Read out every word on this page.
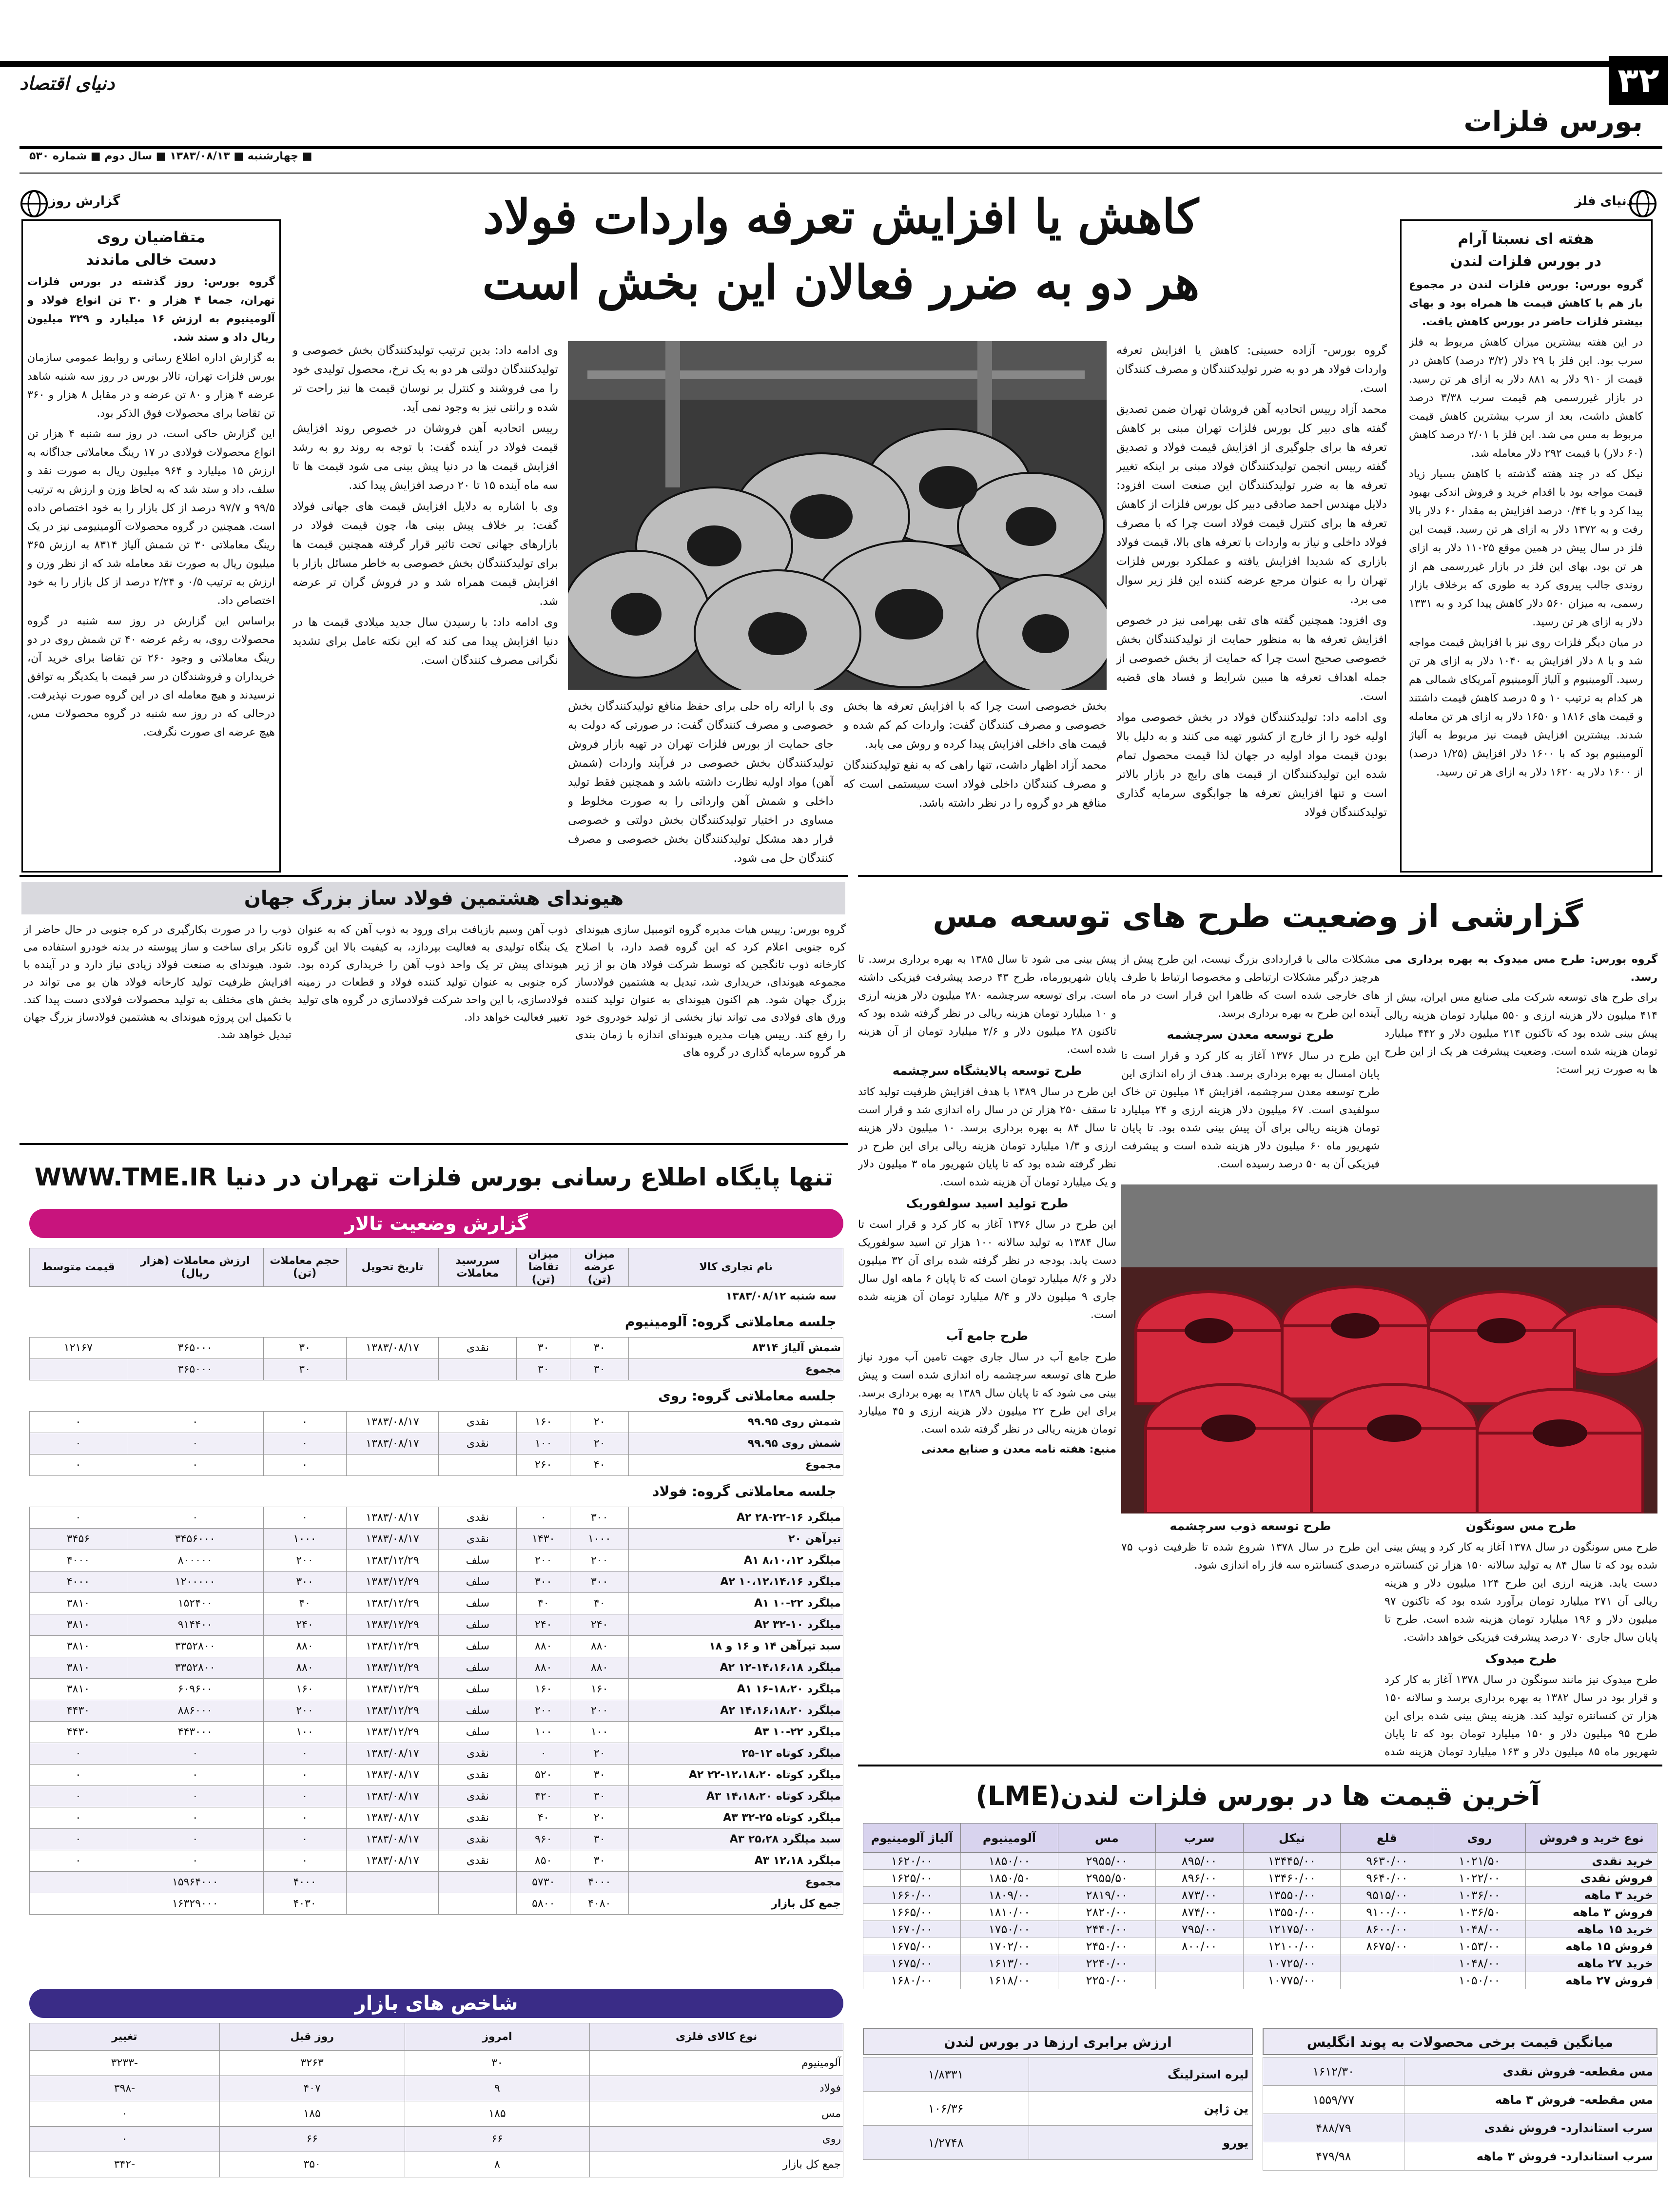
۳۲
دنیای اقتصاد
بورس فلزات
■ چهارشنبه ■ ۱۳۸۳/۰۸/۱۳ ■ سال دوم ■ شماره ۵۳۰
دنیای فلز
هفته ای نسبتا آرام
در بورس فلزات لندن

گروه بورس: بورس فلزات لندن در مجموع باز هم با کاهش قیمت ها همراه بود و بهای بیشتر فلزات حاضر در بورس کاهش یافت.

در این هفته بیشترین میزان کاهش مربوط به فلز سرب بود. این فلز با ۲۹ دلار (۳/۲ درصد) کاهش در قیمت از ۹۱۰ دلار به ۸۸۱ دلار به ازای هر تن رسید. در بازار غیررسمی هم قیمت سرب ۳/۳۸ درصد کاهش داشت، بعد از سرب بیشترین کاهش قیمت مربوط به مس می شد. این فلز با ۲/۰۱ درصد کاهش (۶۰ دلار) با قیمت ۲۹۲ دلار معامله شد.

نیکل که در چند هفته گذشته با کاهش بسیار زیاد قیمت مواجه بود با اقدام خرید و فروش اندکی بهبود پیدا کرد و با ۰/۴۴ درصد افزایش به مقدار ۶۰ دلار بالا رفت و به ۱۳۷۲ دلار به ازای هر تن رسید. قیمت این فلز در سال پیش در همین موقع ۱۱۰۲۵ دلار به ازای هر تن بود. بهای این فلز در بازار غیررسمی هم از روندی جالب پیروی کرد به طوری که برخلاف بازار رسمی، به میزان ۵۶۰ دلار کاهش پیدا کرد و به ۱۳۳۱ دلار به ازای هر تن رسید.

در میان دیگر فلزات روی نیز با افزایش قیمت مواجه شد و با ۸ دلار افزایش به ۱۰۴۰ دلار به ازای هر تن رسید. آلومینیوم و آلیاژ آلومینیوم آمریکای شمالی هم هر کدام به ترتیب ۱۰ و ۵ درصد کاهش قیمت داشتند و قیمت های ۱۸۱۶ و ۱۶۵۰ دلار به ازای هر تن معامله شدند. بیشترین افزایش قیمت نیز مربوط به آلیاژ آلومینیوم بود که با ۱۶۰۰ دلار افزایش (۱/۲۵ درصد) از ۱۶۰۰ دلار به ۱۶۲۰ دلار به ازای هر تن رسید.

گزارش روز
متقاضیان روی
دست خالی ماندند

گروه بورس: روز گذشته در بورس فلزات تهران، جمعا ۴ هزار و ۳۰ تن انواع فولاد و آلومینیوم به ارزش ۱۶ میلیارد و ۳۲۹ میلیون ریال داد و ستد شد.

به گزارش اداره اطلاع رسانی و روابط عمومی سازمان بورس فلزات تهران، تالار بورس در روز سه شنبه شاهد عرضه ۴ هزار و ۸۰ تن عرضه و در مقابل ۸ هزار و ۳۶۰ تن تقاضا برای محصولات فوق الذکر بود.

این گزارش حاکی است، در روز سه شنبه ۴ هزار تن انواع محصولات فولادی در ۱۷ رینگ معاملاتی جداگانه به ارزش ۱۵ میلیارد و ۹۶۴ میلیون ریال به صورت نقد و سلف، داد و ستد شد که به لحاظ وزن و ارزش به ترتیب ۹۹/۵ و ۹۷/۷ درصد از کل بازار را به خود اختصاص داده است. همچنین در گروه محصولات آلومینیومی نیز در یک رینگ معاملاتی ۳۰ تن شمش آلیاژ ۸۳۱۴ به ارزش ۳۶۵ میلیون ریال به صورت نقد معامله شد که از نظر وزن و ارزش به ترتیب ۰/۵ و ۲/۲۴ درصد از کل بازار را به خود اختصاص داد.

براساس این گزارش در روز سه شنبه در گروه محصولات روی، به رغم عرضه ۴۰ تن شمش روی در دو رینگ معاملاتی و وجود ۲۶۰ تن تقاضا برای خرید آن، خریداران و فروشندگان در سر قیمت با یکدیگر به توافق نرسیدند و هیچ معامله ای در این گروه صورت نپذیرفت. درحالی که در روز سه شنبه در گروه محصولات مس، هیچ عرضه ای صورت نگرفت.

کاهش یا افزایش تعرفه واردات فولاد
هر دو به ضرر فعالان این بخش است

گروه بورس- آزاده حسینی: کاهش یا افزایش تعرفه واردات فولاد هر دو به ضرر تولیدکنندگان و مصرف کنندگان است.

محمد آزاد رییس اتحادیه آهن فروشان تهران ضمن تصدیق گفته های دبیر کل بورس فلزات تهران مبنی بر کاهش تعرفه ها برای جلوگیری از افزایش قیمت فولاد و تصدیق گفته رییس انجمن تولیدکنندگان فولاد مبنی بر اینکه تغییر تعرفه ها به ضرر تولیدکنندگان این صنعت است افزود: دلایل مهندس احمد صادقی دبیر کل بورس فلزات از کاهش تعرفه ها برای کنترل قیمت فولاد است چرا که با مصرف فولاد داخلی و نیاز به واردات با تعرفه های بالا، قیمت فولاد بازاری که شدیدا افزایش یافته و عملکرد بورس فلزات تهران را به عنوان مرجع عرضه کننده این فلز زیر سوال می برد.

وی افزود: همچنین گفته های تقی بهرامی نیز در خصوص افزایش تعرفه ها به منظور حمایت از تولیدکنندگان بخش خصوصی صحیح است چرا که حمایت از بخش خصوصی از جمله اهداف تعرفه ها مبین شرایط و فساد های قضیه است.

وی ادامه داد: تولیدکنندگان فولاد در بخش خصوصی مواد اولیه خود را از خارج از کشور تهیه می کنند و به دلیل بالا بودن قیمت مواد اولیه در جهان لذا قیمت محصول تمام شده این تولیدکنندگان از قیمت های رایج در بازار بالاتر است و تنها افزایش تعرفه ها جوابگوی سرمایه گذاری تولیدکنندگان فولاد

وی ادامه داد: بدین ترتیب تولیدکنندگان بخش خصوصی و تولیدکنندگان دولتی هر دو به یک نرخ، محصول تولیدی خود را می فروشند و کنترل بر نوسان قیمت ها نیز راحت تر شده و رانتی نیز به وجود نمی آید.

رییس اتحادیه آهن فروشان در خصوص روند افزایش قیمت فولاد در آینده گفت: با توجه به روند رو به رشد افزایش قیمت ها در دنیا پیش بینی می شود قیمت ها تا سه ماه آینده ۱۵ تا ۲۰ درصد افزایش پیدا کند.

وی با اشاره به دلایل افزایش قیمت های جهانی فولاد گفت: بر خلاف پیش بینی ها، چون قیمت فولاد در بازارهای جهانی تحت تاثیر قرار گرفته همچنین قیمت ها برای تولیدکنندگان بخش خصوصی به خاطر مسائل بازار با افزایش قیمت همراه شد و در فروش گران تر عرضه شد.

وی ادامه داد: با رسیدن سال جدید میلادی قیمت ها در دنیا افزایش پیدا می کند که این نکته عامل برای تشدید نگرانی مصرف کنندگان است.

بخش خصوصی است چرا که با افزایش تعرفه ها بخش خصوصی و مصرف کنندگان گفت: واردات کم کم شده و قیمت های داخلی افزایش پیدا کرده و روش می یابد.

محمد آزاد اظهار داشت، تنها راهی که به نفع تولیدکنندگان و مصرف کنندگان داخلی فولاد است سیستمی است که منافع هر دو گروه را در نظر داشته باشد.

وی با ارائه راه حلی برای حفظ منافع تولیدکنندگان بخش خصوصی و مصرف کنندگان گفت: در صورتی که دولت به جای حمایت از بورس فلزات تهران در تهیه بازار فروش تولیدکنندگان بخش خصوصی در فرآیند واردات (شمش آهن) مواد اولیه نظارت داشته باشد و همچنین فقط تولید داخلی و شمش آهن وارداتی را به صورت مخلوط و مساوی در اختیار تولیدکنندگان بخش دولتی و خصوصی قرار دهد مشکل تولیدکنندگان بخش خصوصی و مصرف کنندگان حل می شود.

هیوندای هشتمین فولاد ساز بزرگ جهان

گروه بورس: رییس هیات مدیره گروه اتومبیل سازی هیوندای کره جنوبی اعلام کرد که این گروه قصد دارد، با اصلاح کارخانه ذوب تانگجین که توسط شرکت فولاد هان بو از زیر مجموعه هیوندای، خریداری شد، تبدیل به هشتمین فولادساز بزرگ جهان شود. هم اکنون هیوندای به عنوان تولید کننده ورق های فولادی می تواند نیاز بخشی از تولید خودروی خود را رفع کند. رییس هیات مدیره هیوندای اندازه با زمان بندی هر گروه سرمایه گذاری در گروه های

ذوب آهن وسیم بازیافت برای ورود به ذوب آهن که به عنوان یک بنگاه تولیدی به فعالیت بپردازد، به کیفیت بالا این گروه هیوندای پیش تر یک واحد ذوب آهن را خریداری کرده بود. کره جنوبی به عنوان تولید کننده فولاد و قطعات در زمینه فولادسازی، با این واحد شرکت فولادسازی در گروه های تولید تغییر فعالیت خواهد داد.

ذوب را در صورت بکارگیری در کره جنوبی در حال حاضر از تانکر برای ساخت و ساز پیوسته در بدنه خودرو استفاده می شود. هیوندای به صنعت فولاد زیادی نیاز دارد و در آینده با افزایش ظرفیت تولید کارخانه فولاد هان بو می تواند در بخش های مختلف به تولید محصولات فولادی دست پیدا کند. با تکمیل این پروژه هیوندای به هشتمین فولادساز بزرگ جهان تبدیل خواهد شد.

گزارشی از وضعیت طرح های توسعه مس

گروه بورس: طرح مس میدوک به بهره برداری می رسد.

برای طرح های توسعه شرکت ملی صنایع مس ایران، بیش از ۴۱۴ میلیون دلار هزینه ارزی و ۵۵۰ میلیارد تومان هزینه ریالی پیش بینی شده بود که تاکنون ۲۱۴ میلیون دلار و ۴۴۲ میلیارد تومان هزینه شده است. وضعیت پیشرفت هر یک از این طرح ها به صورت زیر است:

طرح مس سونگون

طرح مس سونگون در سال ۱۳۷۸ آغاز به کار کرد و پیش بینی شده بود که تا سال ۸۴ به تولید سالانه ۱۵۰ هزار تن کنسانتره دست یابد. هزینه ارزی این طرح ۱۲۴ میلیون دلار و هزینه ریالی آن ۲۷۱ میلیارد تومان برآورد شده بود که تاکنون ۹۷ میلیون دلار و ۱۹۶ میلیارد تومان هزینه شده است. طرح تا پایان سال جاری ۷۰ درصد پیشرفت فیزیکی خواهد داشت.

طرح میدوک

طرح میدوک نیز مانند سونگون در سال ۱۳۷۸ آغاز به کار کرد و قرار بود در سال ۱۳۸۲ به بهره برداری برسد و سالانه ۱۵۰ هزار تن کنسانتره تولید کند. هزینه پیش بینی شده برای این طرح ۹۵ میلیون دلار و ۱۵۰ میلیارد تومان بود که تا پایان شهریور ماه ۸۵ میلیون دلار و ۱۶۳ میلیارد تومان هزینه شده

مشکلات مالی با قراردادی بزرگ نیست، این طرح پیش از هرچیز درگیر مشکلات ارتباطی و مخصوصا ارتباط با طرف های خارجی شده است که ظاهرا این قرار است در ماه آینده این طرح به بهره برداری برسد.

طرح توسعه معدن سرچشمه

این طرح در سال ۱۳۷۶ آغاز به کار کرد و قرار است تا پایان امسال به بهره برداری برسد. هدف از راه اندازی این طرح توسعه معدن سرچشمه، افزایش ۱۴ میلیون تن خاک سولفیدی است. ۶۷ میلیون دلار هزینه ارزی و ۲۴ میلیارد تومان هزینه ریالی برای آن پیش بینی شده بود. تا پایان شهریور ماه ۶۰ میلیون دلار هزینه شده است و پیشرفت فیزیکی آن به ۵۰ درصد رسیده است.

طرح توسعه ذوب سرچشمه

این طرح در سال ۱۳۷۸ شروع شده تا ظرفیت ذوب ۷۵ درصدی کنسانتره سه فاز راه اندازی شود.

پیش بینی می شود تا سال ۱۳۸۵ به بهره برداری برسد. تا پایان شهریورماه، طرح ۴۳ درصد پیشرفت فیزیکی داشته است. برای توسعه سرچشمه ۲۸۰ میلیون دلار هزینه ارزی و ۱۰ میلیارد تومان هزینه ریالی در نظر گرفته شده بود که تاکنون ۲۸ میلیون دلار و ۲/۶ میلیارد تومان از آن هزینه شده است.

طرح توسعه پالایشگاه سرچشمه

این طرح در سال ۱۳۸۹ با هدف افزایش ظرفیت تولید کاتد تا سقف ۲۵۰ هزار تن در سال راه اندازی شد و قرار است تا سال ۸۴ به بهره برداری برسد. ۱۰ میلیون دلار هزینه ارزی و ۱/۳ میلیارد تومان هزینه ریالی برای این طرح در نظر گرفته شده بود که تا پایان شهریور ماه ۳ میلیون دلار و یک میلیارد تومان آن هزینه شده است.

طرح تولید اسید سولفوریک

این طرح در سال ۱۳۷۶ آغاز به کار کرد و قرار است تا سال ۱۳۸۴ به تولید سالانه ۱۰۰ هزار تن اسید سولفوریک دست یابد. بودجه در نظر گرفته شده برای آن ۳۲ میلیون دلار و ۸/۶ میلیارد تومان است که تا پایان ۶ ماهه اول سال جاری ۹ میلیون دلار و ۸/۴ میلیارد تومان آن هزینه شده است.

طرح جامع آب

طرح جامع آب در سال جاری جهت تامین آب مورد نیاز طرح های توسعه سرچشمه راه اندازی شده است و پیش بینی می شود که تا پایان سال ۱۳۸۹ به بهره برداری برسد. برای این طرح ۲۲ میلیون دلار هزینه ارزی و ۴۵ میلیارد تومان هزینه ریالی در نظر گرفته شده است.

منبع: هفته نامه معدن و صنایع معدنی

تنها پایگاه اطلاع رسانی بورس فلزات تهران در دنیا WWW.TME.IR
گزارش وضعیت تالار
نام تجاری کالا	میزان عرضه (تن)	میزان تقاضا (تن)	سررسید معاملات	تاریخ تحویل	حجم معاملات (تن)	ارزش معاملات (هزار ریال)	قیمت متوسط
سه شنبه ۱۳۸۳/۰۸/۱۲							
جلسه معاملاتی گروه: آلومینیوم							
شمش آلیاژ ۸۳۱۴	۳۰	۳۰	نقدی	۱۳۸۳/۰۸/۱۷	۳۰	۳۶۵۰۰۰	۱۲۱۶۷
مجموع	۳۰	۳۰			۳۰	۳۶۵۰۰۰	
جلسه معاملاتی گروه: روی							
شمش روی ۹۹.۹۵	۲۰	۱۶۰	نقدی	۱۳۸۳/۰۸/۱۷	۰	۰	۰
شمش روی ۹۹.۹۵	۲۰	۱۰۰	نقدی	۱۳۸۳/۰۸/۱۷	۰	۰	۰
مجموع	۴۰	۲۶۰			۰	۰	۰
جلسه معاملاتی گروه: فولاد							
میلگرد ۱۶-۲۲-۲۸ A۲	۳۰۰	۰	نقدی	۱۳۸۳/۰۸/۱۷	۰	۰	۰
تیرآهن ۲۰	۱۰۰۰	۱۴۳۰	نقدی	۱۳۸۳/۰۸/۱۷	۱۰۰۰	۳۴۵۶۰۰۰	۳۴۵۶
میلگرد ۸،۱۰،۱۲ A۱	۲۰۰	۲۰۰	سلف	۱۳۸۳/۱۲/۲۹	۲۰۰	۸۰۰۰۰۰	۴۰۰۰
میلگرد ۱۰،۱۲،۱۴،۱۶ A۲	۳۰۰	۳۰۰	سلف	۱۳۸۳/۱۲/۲۹	۳۰۰	۱۲۰۰۰۰۰	۴۰۰۰
میلگرد ۲۲-۱۰ A۱	۴۰	۴۰	سلف	۱۳۸۳/۱۲/۲۹	۴۰	۱۵۲۴۰۰	۳۸۱۰
میلگرد ۱۰-۳۲ A۲	۲۴۰	۲۴۰	سلف	۱۳۸۳/۱۲/۲۹	۲۴۰	۹۱۴۴۰۰	۳۸۱۰
سبد تیرآهن ۱۴ و ۱۶ و ۱۸	۸۸۰	۸۸۰	سلف	۱۳۸۳/۱۲/۲۹	۸۸۰	۳۳۵۲۸۰۰	۳۸۱۰
میلگرد ۱۴،۱۶،۱۸-۱۲ A۲	۸۸۰	۸۸۰	سلف	۱۳۸۳/۱۲/۲۹	۸۸۰	۳۳۵۲۸۰۰	۳۸۱۰
میلگرد ۱۸،۲۰-۱۶ A۱	۱۶۰	۱۶۰	سلف	۱۳۸۳/۱۲/۲۹	۱۶۰	۶۰۹۶۰۰	۳۸۱۰
میلگرد ۱۴،۱۶،۱۸،۲۰ A۲	۲۰۰	۲۰۰	سلف	۱۳۸۳/۱۲/۲۹	۲۰۰	۸۸۶۰۰۰	۴۴۳۰
میلگرد ۲۲-۱۰ A۳	۱۰۰	۱۰۰	سلف	۱۳۸۳/۱۲/۲۹	۱۰۰	۴۴۳۰۰۰	۴۴۳۰
میلگرد کوتاه ۱۲-۲۵	۲۰	۰	نقدی	۱۳۸۳/۰۸/۱۷	۰	۰	۰
میلگرد کوتاه ۱۲،۱۸،۲۰-۲۲ A۲	۳۰	۵۲۰	نقدی	۱۳۸۳/۰۸/۱۷	۰	۰	۰
میلگرد کوتاه ۱۴،۱۸،۲۰ A۳	۳۰	۴۲۰	نقدی	۱۳۸۳/۰۸/۱۷	۰	۰	۰
میلگرد کوتاه ۲۵-۳۲ A۳	۲۰	۴۰	نقدی	۱۳۸۳/۰۸/۱۷	۰	۰	۰
سبد میلگرد ۲۵،۲۸ A۳	۳۰	۹۶۰	نقدی	۱۳۸۳/۰۸/۱۷	۰	۰	۰
میلگرد ۱۲،۱۸ A۳	۳۰	۸۵۰	نقدی	۱۳۸۳/۰۸/۱۷	۰	۰	۰
مجموع	۴۰۰۰	۵۷۳۰			۴۰۰۰	۱۵۹۶۴۰۰۰	
جمع کل بازار	۴۰۸۰	۵۸۰۰			۴۰۳۰	۱۶۳۲۹۰۰۰	
شاخص های بازار
نوع کالای فلزی	امروز	روز قبل	تغییر
آلومینیوم	۳۰	۳۲۶۳	-۳۲۳۳
فولاد	۹	۴۰۷	-۳۹۸
مس	۱۸۵	۱۸۵	۰
روی	۶۶	۶۶	۰
جمع کل بازار	۸	۳۵۰	-۳۴۲
آخرین قیمت ها در بورس فلزات لندن(LME)
نوع خرید و فروش	روی	قلع	نیکل	سرب	مس	آلومینیوم	آلیاژ آلومینیوم
خرید نقدی	۱۰۲۱/۵۰	۹۶۳۰/۰۰	۱۳۴۴۵/۰۰	۸۹۵/۰۰	۲۹۵۵/۰۰	۱۸۵۰/۰۰	۱۶۲۰/۰۰
فروش نقدی	۱۰۲۲/۰۰	۹۶۴۰/۰۰	۱۳۴۶۰/۰۰	۸۹۶/۰۰	۲۹۵۵/۵۰	۱۸۵۰/۵۰	۱۶۲۵/۰۰
خرید ۳ ماهه	۱۰۳۶/۰۰	۹۵۱۵/۰۰	۱۳۵۵۰/۰۰	۸۷۳/۰۰	۲۸۱۹/۰۰	۱۸۰۹/۰۰	۱۶۶۰/۰۰
فروش ۳ ماهه	۱۰۳۶/۵۰	۹۱۰۰/۰۰	۱۳۵۵۰/۰۰	۸۷۴/۰۰	۲۸۲۰/۰۰	۱۸۱۰/۰۰	۱۶۶۵/۰۰
خرید ۱۵ ماهه	۱۰۴۸/۰۰	۸۶۰۰/۰۰	۱۲۱۷۵/۰۰	۷۹۵/۰۰	۲۴۴۰/۰۰	۱۷۵۰/۰۰	۱۶۷۰/۰۰
فروش ۱۵ ماهه	۱۰۵۳/۰۰	۸۶۷۵/۰۰	۱۲۱۰۰/۰۰	۸۰۰/۰۰	۲۴۵۰/۰۰	۱۷۰۲/۰۰	۱۶۷۵/۰۰
خرید ۲۷ ماهه	۱۰۴۸/۰۰		۱۰۷۲۵/۰۰		۲۲۴۰/۰۰	۱۶۱۳/۰۰	۱۶۷۵/۰۰
فروش ۲۷ ماهه	۱۰۵۰/۰۰		۱۰۷۷۵/۰۰		۲۲۵۰/۰۰	۱۶۱۸/۰۰	۱۶۸۰/۰۰
میانگین قیمت برخی محصولات به پوند انگلیس
مس مقطعه- فروش نقدی	۱۶۱۲/۳۰
مس مقطعه- فروش ۳ ماهه	۱۵۵۹/۷۷
سرب استاندارد- فروش نقدی	۴۸۸/۷۹
سرب استاندارد- فروش ۳ ماهه	۴۷۹/۹۸
ارزش برابری ارزها در بورس لندن
لیره استرلینگ	۱/۸۳۳۱
ین ژاپن	۱۰۶/۳۶
یورو	۱/۲۷۴۸
